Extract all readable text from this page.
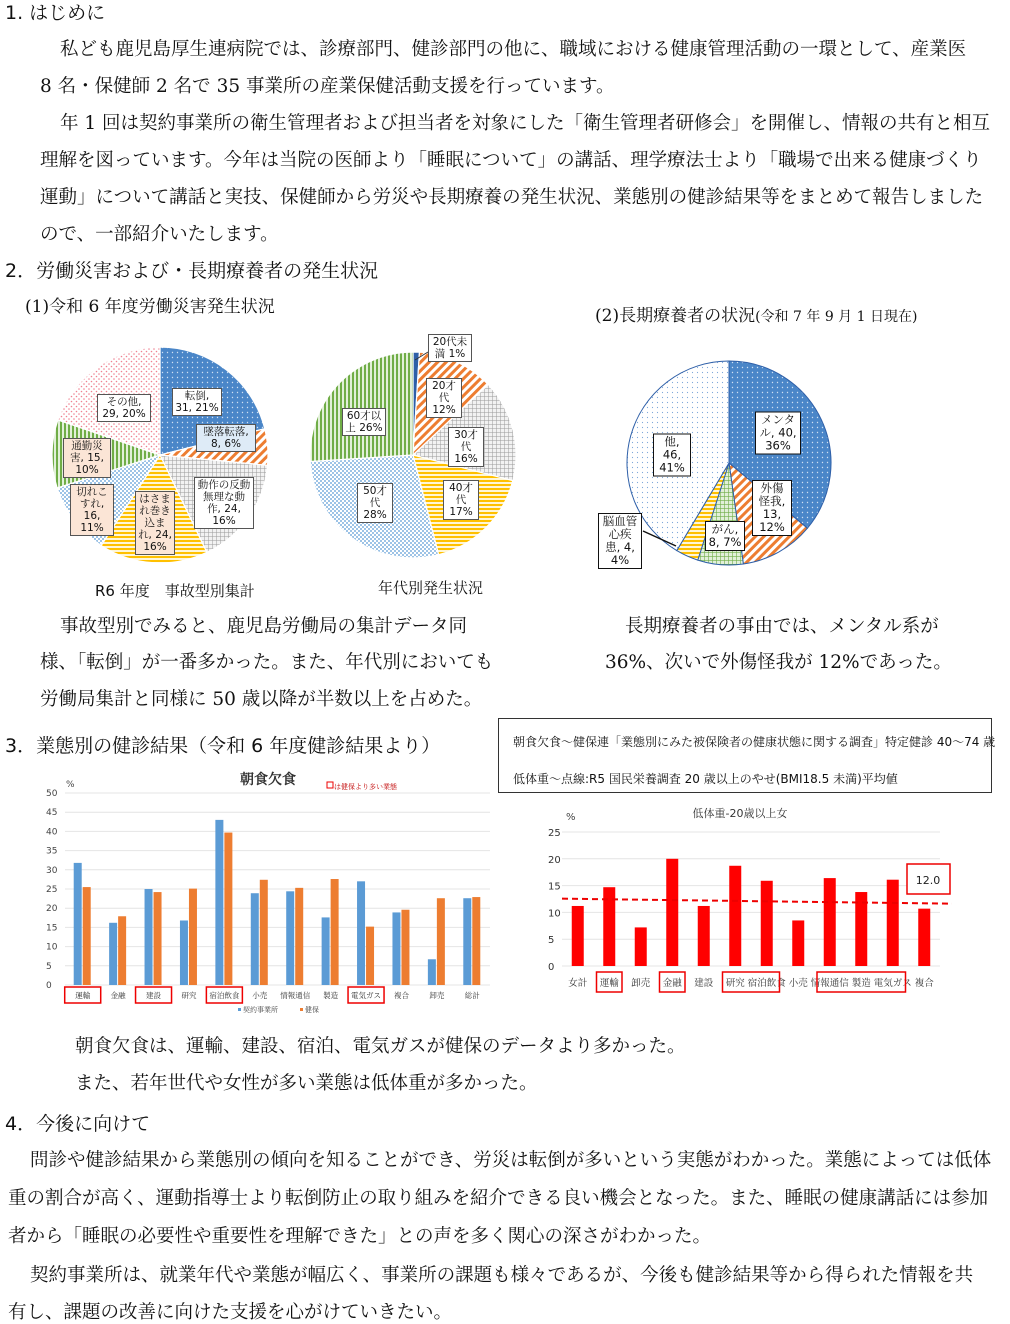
1. はじめに
私ども鹿児島厚生連病院では、診療部門、健診部門の他に、職域における健康管理活動の一環として、産業医
8 名・保健師 2 名で 35 事業所の産業保健活動支援を行っています。
年 1 回は契約事業所の衛生管理者および担当者を対象にした「衛生管理者研修会」を開催し、情報の共有と相互
理解を図っています。今年は当院の医師より「睡眠について」の講話、理学療法士より「職場で出来る健康づくり
運動」について講話と実技、保健師から労災や長期療養の発生状況、業態別の健診結果等をまとめて報告しました
ので、一部紹介いたします。
2．労働災害および・長期療養者の発生状況
(1)令和 6 年度労働災害発生状況	(2)長期療養者の状況(令和 7 年 9 月 1 日現在)
R6 年度　事故型別集計	年代別発生状況
事故型別でみると、鹿児島労働局の集計データ同
様、「転倒」が一番多かった。また、年代別においても
労働局集計と同様に 50 歳以降が半数以上を占めた。
長期療養者の事由では、メンタル系が
36%、次いで外傷怪我が 12%であった。
3．業態別の健診結果（令和 6 年度健診結果より）	朝食欠食～健保連「業態別にみた被保険者の健康状態に関する調査」特定健診 40～74 歳
低体重～点線:R5 国民栄養調査 20 歳以上のやせ(BMI18.5 未満)平均値
朝食欠食は、運輸、建設、宿泊、電気ガスが健保のデータより多かった。
また、若年世代や女性が多い業態は低体重が多かった。
4．今後に向けて
問診や健診結果から業態別の傾向を知ることができ、労災は転倒が多いという実態がわかった。業態によっては低体
重の割合が高く、運動指導士より転倒防止の取り組みを紹介できる良い機会となった。また、睡眠の健康講話には参加
者から「睡眠の必要性や重要性を理解できた」との声を多く関心の深さがわかった。
契約事業所は、就業年代や業態が幅広く、事業所の課題も様々であるが、今後も健診結果等から得られた情報を共
有し、課題の改善に向けた支援を心がけていきたい。
0
5
10
15
20
25
30
35
40
45
50
%	朝食欠食	は健保より多い業態
運輸	金融	建設	研究 宿泊飲食 小売 情報通信 製造 電気ガス 複合	卸売	総計
契約事業所	健保
0
5
10
15
20
25
%	低体重-20歳以上女
女計 運輸 卸売 金融 建設 研究 宿泊飲食 小売 情報通信 製造 電気ガス 複合
12.0
転倒, 31, 21%
墜落転落, 8, 6%
動作の反動無理な動作, 24, 16%
はさまれ巻き込まれ, 24, 16%
切れこすれ, 16, 11%
通勤災害, 15, 10%
その他, 29, 20%
20代未満 1%
20才代 12%
30才代 16%
40才代 17%
50才代 28%
60才以上 26%
メンタル, 40, 36%
外傷怪我, 13, 12%
がん, 8, 7%
脳血管心疾患, 4, 4%
他, 46, 41%
